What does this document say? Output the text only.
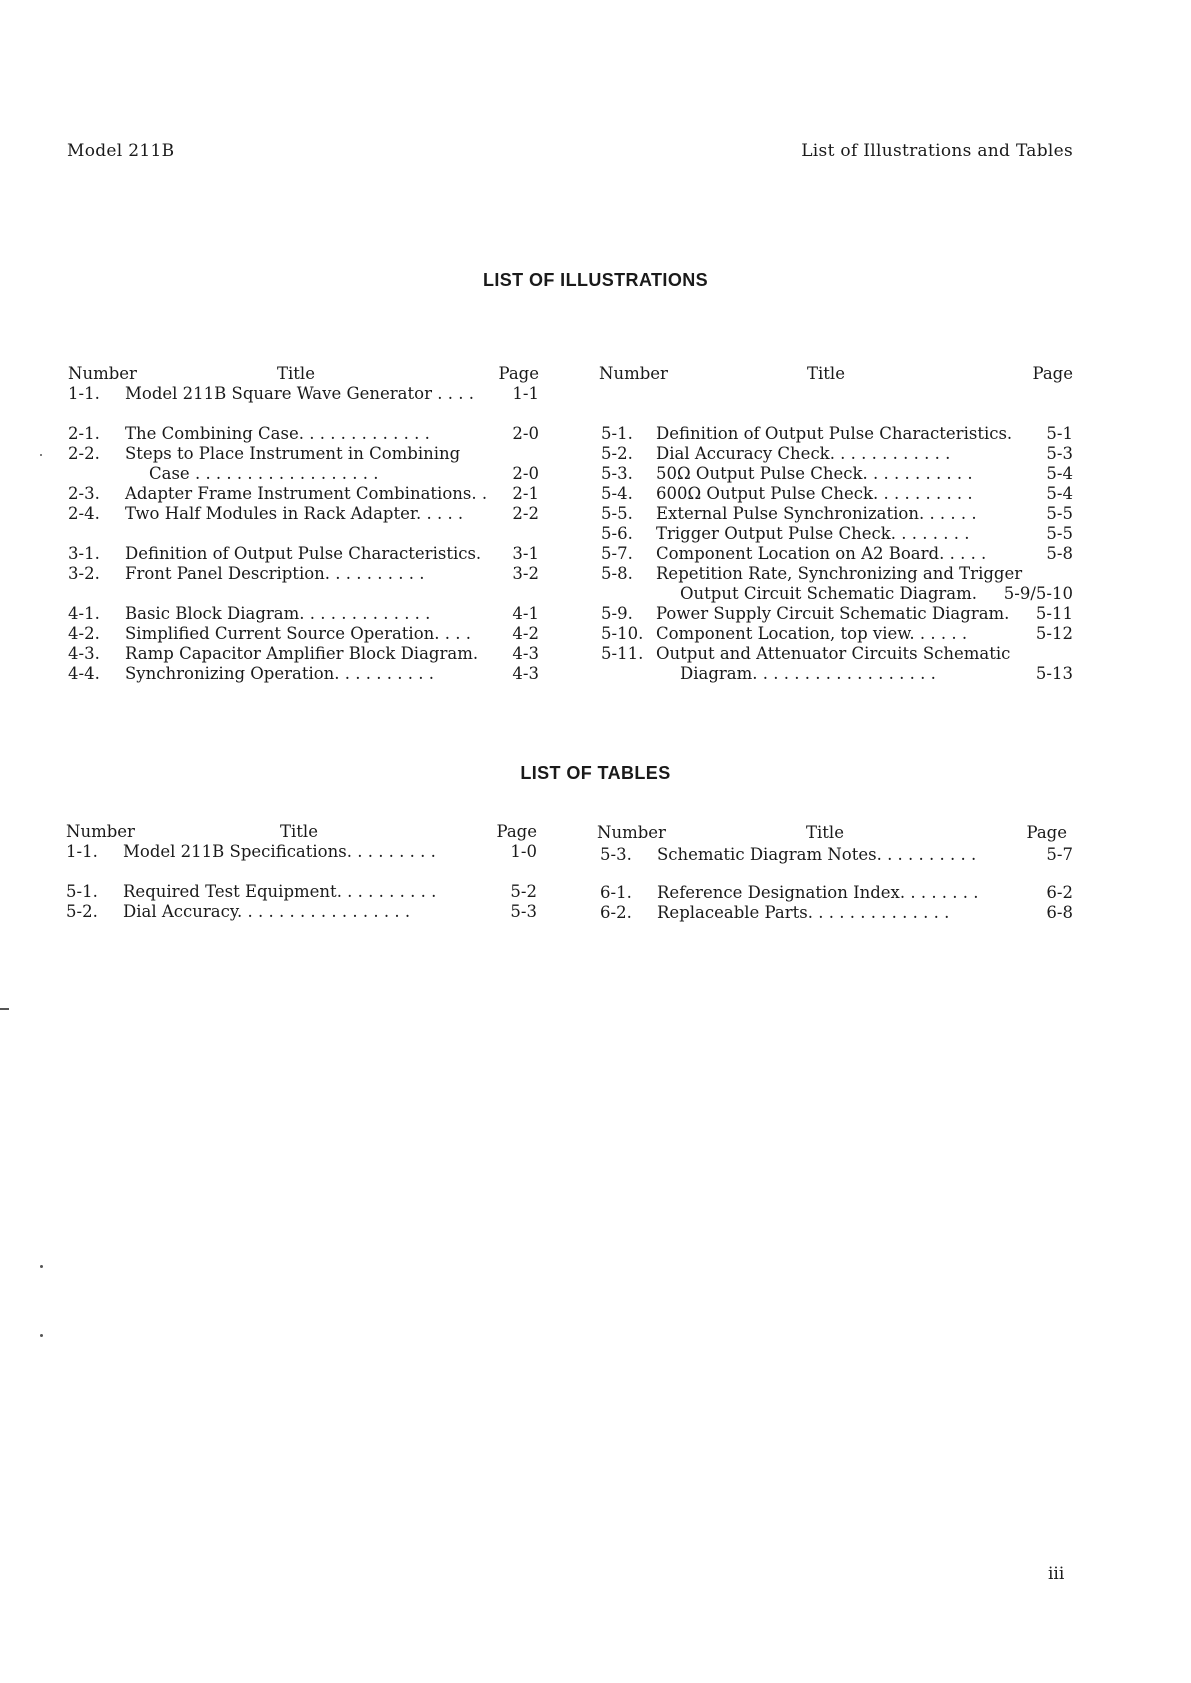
Model 211B	List of Illustrations and Tables
LIST OF ILLUSTRATIONS
Number	Title	Page
1-1. Model 211B Square Wave Generator . . . . 1-1
2-1. The Combining Case. . . . . . . . . . . . .	2-0
2-2. Steps to Place Instrument in Combining
Case . . . . . . . . . . . . . . . . . .	2-0
2-3. Adapter Frame Instrument Combinations. . 2-1
2-4. Two Half Modules in Rack Adapter. . . . .	2-2
3-1. Definition of Output Pulse Characteristics. 3-1
3-2. Front Panel Description. . . . . . . . . .	3-2
4-1. Basic Block Diagram. . . . . . . . . . . . .	4-1
4-2. Simplified Current Source Operation. . . .	4-2
4-3. Ramp Capacitor Amplifier Block Diagram. 4-3
4-4. Synchronizing Operation. . . . . . . . . .	4-3
Number	Title	Page
5-1. Definition of Output Pulse Characteristics. 5-1
5-2. Dial Accuracy Check. . . . . . . . . . . .	5-3
5-3. 50Ω Output Pulse Check. . . . . . . . . . .	5-4
5-4. 600Ω Output Pulse Check. . . . . . . . . .	5-4
5-5. External Pulse Synchronization. . . . . .	5-5
5-6. Trigger Output Pulse Check. . . . . . . .	5-5
5-7. Component Location on A2 Board. . . . .	5-8
5-8. Repetition Rate, Synchronizing and Trigger
Output Circuit Schematic Diagram. 5-9/5-10
5-9. Power Supply Circuit Schematic Diagram. 5-11
5-10. Component Location, top view. . . . . .	5-12
5-11. Output and Attenuator Circuits Schematic
Diagram. . . . . . . . . . . . . . . . . .	5-13
LIST OF TABLES
Number	Title	Page
1-1. Model 211B Specifications. . . . . . . . .	1-0
5-1. Required Test Equipment. . . . . . . . . .	5-2
5-2. Dial Accuracy. . . . . . . . . . . . . . . . .	5-3
Number	Title	Page
5-3. Schematic Diagram Notes. . . . . . . . . .	5-7
6-1. Reference Designation Index. . . . . . . .	6-2
6-2. Replaceable Parts. . . . . . . . . . . . . .	6-8
iii
